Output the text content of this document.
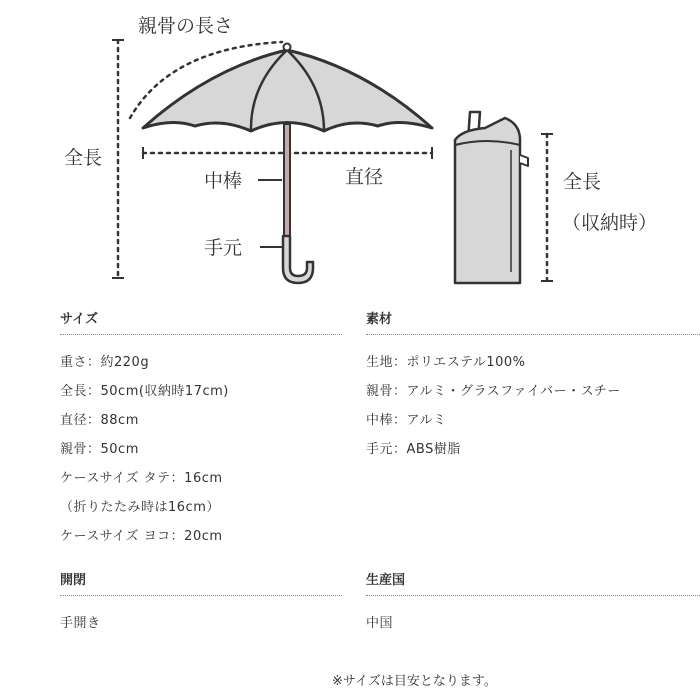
親骨の長さ
全長
中棒	直径
手元
全長
（収納時）
サイズ
重さ：約220g
全長：50cm(収納時17cm)
直径：88cm
親骨：50cm
ケースサイズ タテ：16cm
（折りたたみ時は16cm）
ケースサイズ ヨコ：20cm
素材
生地：ポリエステル100%
親骨：アルミ・グラスファイバー・スチー
中棒：アルミ
手元：ABS樹脂
開閉
手開き
生産国
中国
※サイズは目安となります。
